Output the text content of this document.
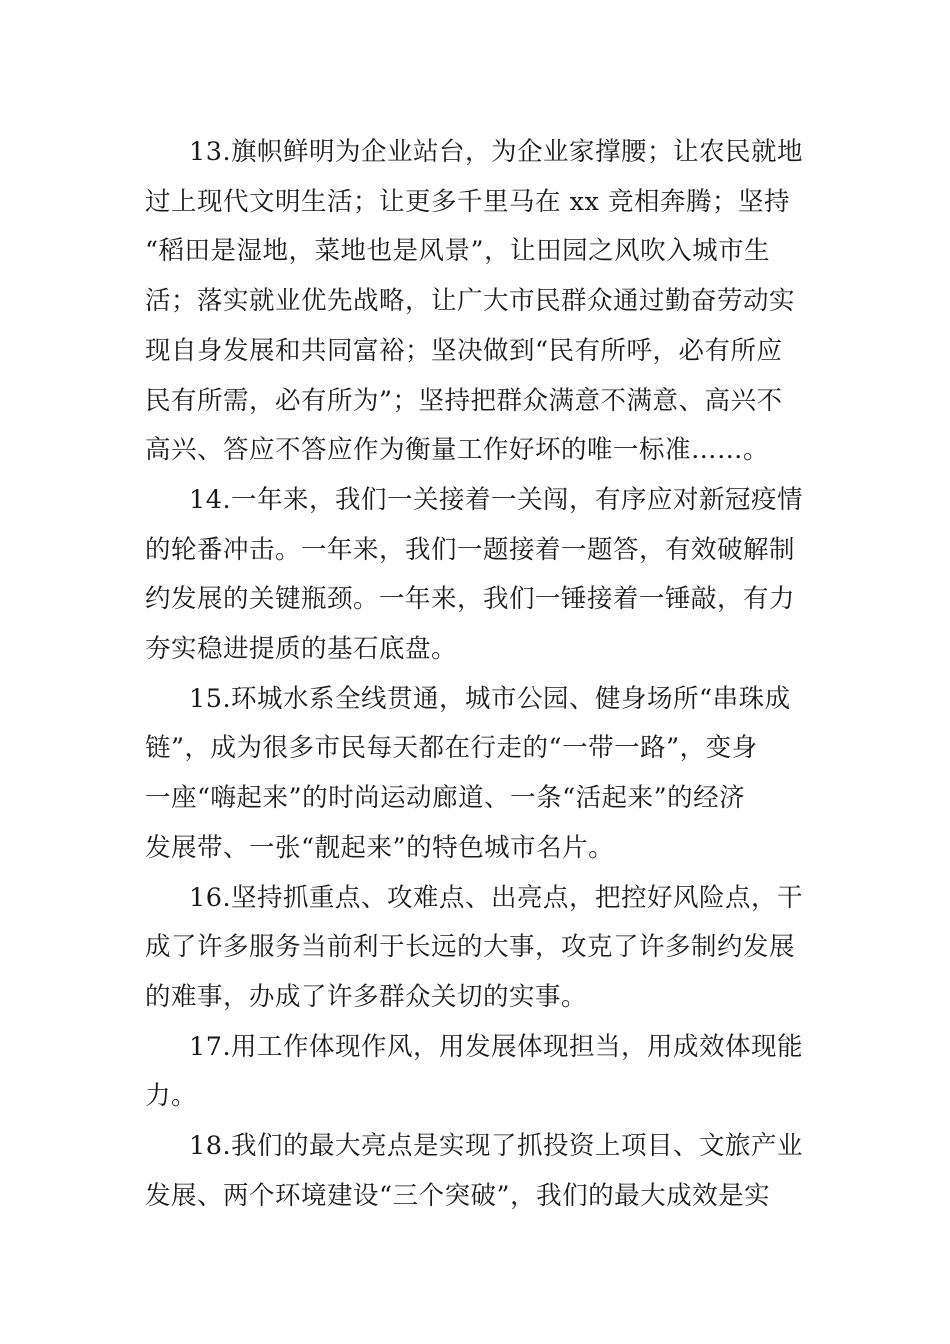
13.旗帜鲜明为企业站台，为企业家撑腰；让农民就地
过上现代文明生活；让更多千里马在 xx 竞相奔腾；坚持
“稻田是湿地，菜地也是风景”，让田园之风吹入城市生
活；落实就业优先战略，让广大市民群众通过勤奋劳动实
现自身发展和共同富裕；坚决做到“民有所呼，必有所应
民有所需，必有所为”；坚持把群众满意不满意、高兴不
高兴、答应不答应作为衡量工作好坏的唯一标准……。
14.一年来，我们一关接着一关闯，有序应对新冠疫情
的轮番冲击。一年来，我们一题接着一题答，有效破解制
约发展的关键瓶颈。一年来，我们一锤接着一锤敲，有力
夯实稳进提质的基石底盘。
15.环城水系全线贯通，城市公园、健身场所“串珠成
链”，成为很多市民每天都在行走的“一带一路”，变身
一座“嗨起来”的时尚运动廊道、一条“活起来”的经济
发展带、一张“靓起来”的特色城市名片。
16.坚持抓重点、攻难点、出亮点，把控好风险点，干
成了许多服务当前利于长远的大事，攻克了许多制约发展
的难事，办成了许多群众关切的实事。
17.用工作体现作风，用发展体现担当，用成效体现能
力。
18.我们的最大亮点是实现了抓投资上项目、文旅产业
发展、两个环境建设“三个突破”，我们的最大成效是实
